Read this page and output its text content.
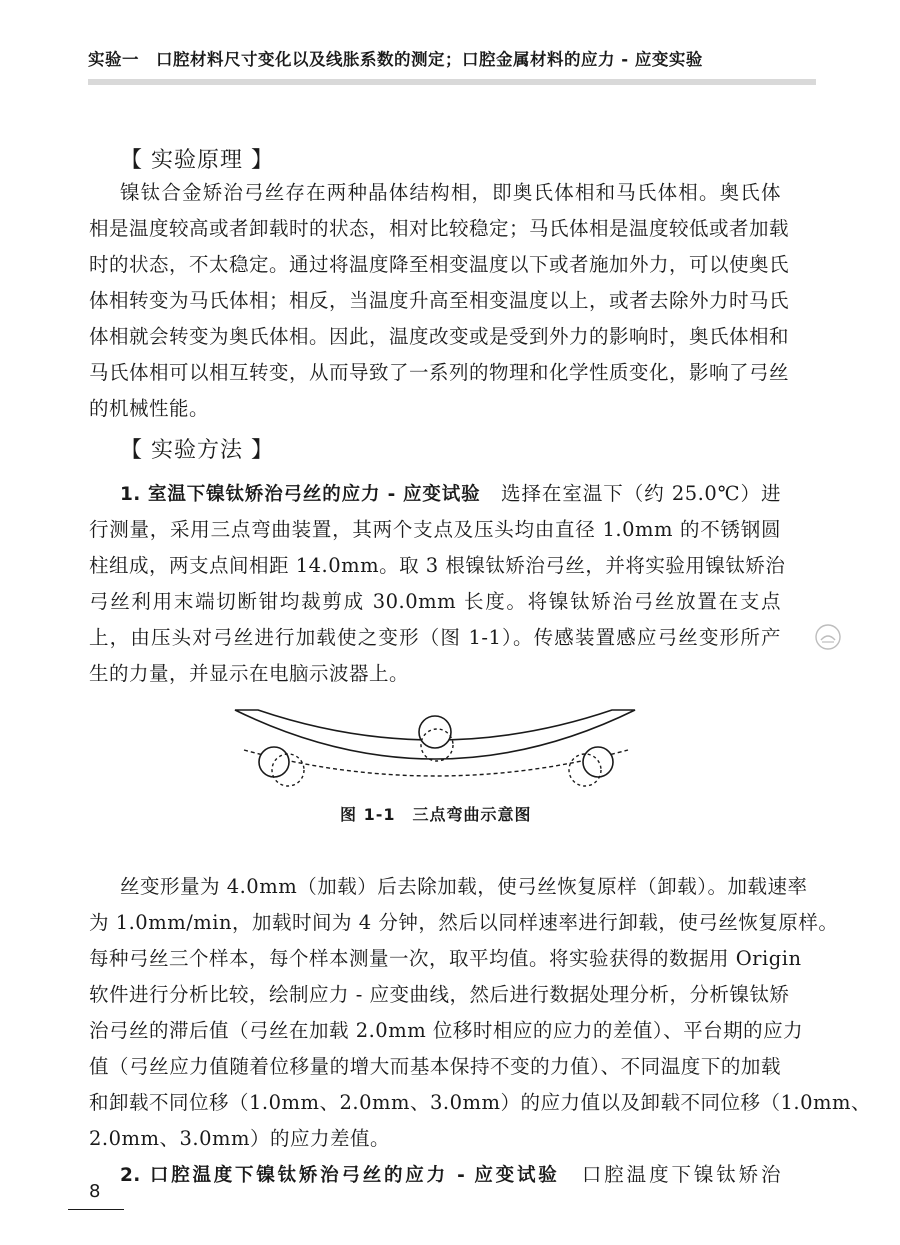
实验一　口腔材料尺寸变化以及线胀系数的测定；口腔金属材料的应力 - 应变实验
【 实验原理 】
镍钛合金矫治弓丝存在两种晶体结构相，即奥氏体相和马氏体相。奥氏体
相是温度较高或者卸载时的状态，相对比较稳定；马氏体相是温度较低或者加载
时的状态，不太稳定。通过将温度降至相变温度以下或者施加外力，可以使奥氏
体相转变为马氏体相；相反，当温度升高至相变温度以上，或者去除外力时马氏
体相就会转变为奥氏体相。因此，温度改变或是受到外力的影响时，奥氏体相和
马氏体相可以相互转变，从而导致了一系列的物理和化学性质变化，影响了弓丝
的机械性能。
【 实验方法 】
1. 室温下镍钛矫治弓丝的应力 - 应变试验　 选择在室温下（约 25.0℃）进
行测量，采用三点弯曲装置，其两个支点及压头均由直径 1.0mm 的不锈钢圆
柱组成，两支点间相距 14.0mm。取 3 根镍钛矫治弓丝，并将实验用镍钛矫治
弓丝利用末端切断钳均裁剪成 30.0mm 长度。将镍钛矫治弓丝放置在支点
上，由压头对弓丝进行加载使之变形（图 1-1）。传感装置感应弓丝变形所产
生的力量，并显示在电脑示波器上。
图 1-1　三点弯曲示意图
丝变形量为 4.0mm（加载）后去除加载，使弓丝恢复原样（卸载）。加载速率
为 1.0mm/min，加载时间为 4 分钟，然后以同样速率进行卸载，使弓丝恢复原样。
每种弓丝三个样本，每个样本测量一次，取平均值。将实验获得的数据用 Origin
软件进行分析比较，绘制应力 - 应变曲线，然后进行数据处理分析，分析镍钛矫
治弓丝的滞后值（弓丝在加载 2.0mm 位移时相应的应力的差值）、平台期的应力
值（弓丝应力值随着位移量的增大而基本保持不变的力值）、不同温度下的加载
和卸载不同位移（1.0mm、2.0mm、3.0mm）的应力值以及卸载不同位移（1.0mm、
2.0mm、3.0mm）的应力差值。
2. 口腔温度下镍钛矫治弓丝的应力 - 应变试验　 口腔温度下镍钛矫治
8
